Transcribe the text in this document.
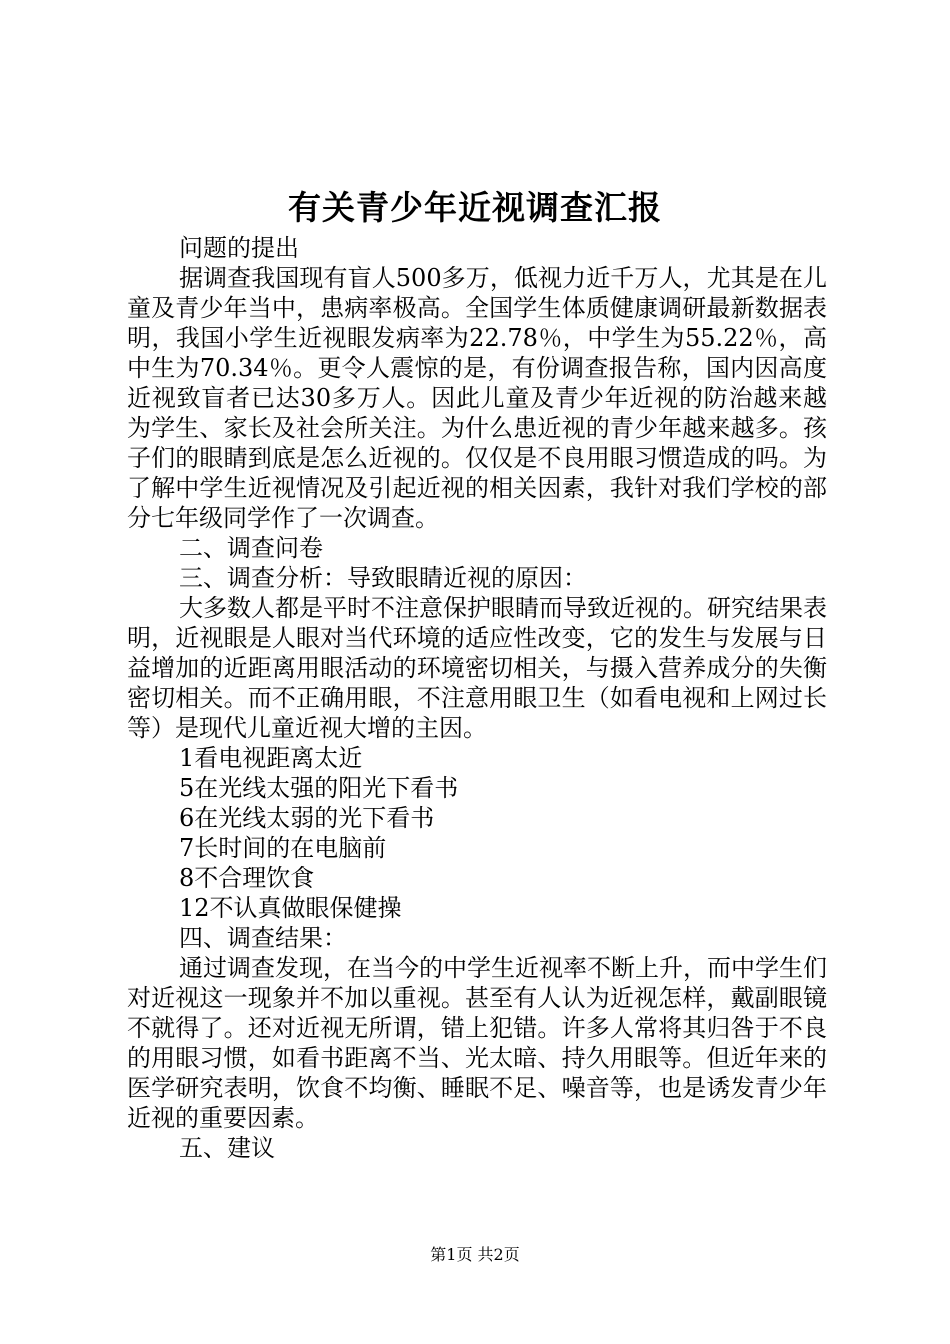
有关青少年近视调查汇报

问题的提出

据调查我国现有盲人500多万，低视力近千万人，尤其是在儿童及青少年当中，患病率极高。全国学生体质健康调研最新数据表明，我国小学生近视眼发病率为22.78％，中学生为55.22％，高中生为70.34％。更令人震惊的是，有份调查报告称，国内因高度近视致盲者已达30多万人。因此儿童及青少年近视的防治越来越为学生、家长及社会所关注。为什么患近视的青少年越来越多。孩子们的眼睛到底是怎么近视的。仅仅是不良用眼习惯造成的吗。为了解中学生近视情况及引起近视的相关因素，我针对我们学校的部分七年级同学作了一次调查。

二、调查问卷

三、调查分析：导致眼睛近视的原因：

大多数人都是平时不注意保护眼睛而导致近视的。研究结果表明，近视眼是人眼对当代环境的适应性改变，它的发生与发展与日益增加的近距离用眼活动的环境密切相关，与摄入营养成分的失衡密切相关。而不正确用眼，不注意用眼卫生（如看电视和上网过长等）是现代儿童近视大增的主因。

1看电视距离太近

5在光线太强的阳光下看书

6在光线太弱的光下看书

7长时间的在电脑前

8不合理饮食

12不认真做眼保健操

四、调查结果：

通过调查发现，在当今的中学生近视率不断上升，而中学生们对近视这一现象并不加以重视。甚至有人认为近视怎样，戴副眼镜不就得了。还对近视无所谓，错上犯错。许多人常将其归咎于不良的用眼习惯，如看书距离不当、光太暗、持久用眼等。但近年来的医学研究表明，饮食不均衡、睡眠不足、噪音等，也是诱发青少年近视的重要因素。

五、建议

第1页 共2页
